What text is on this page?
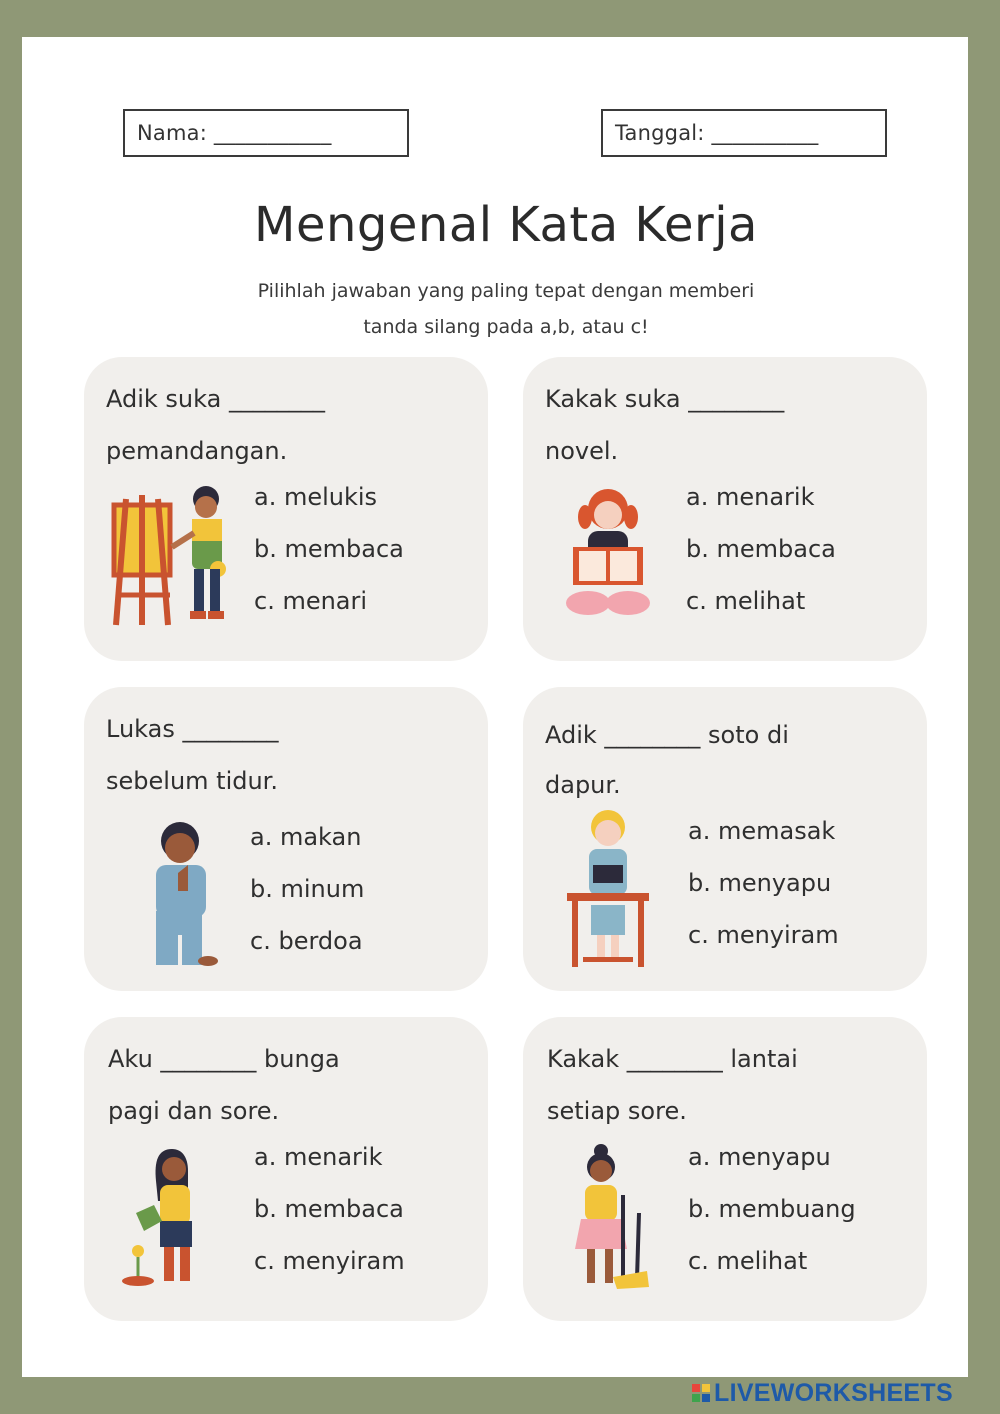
Nama: ___________	Tanggal: __________
Mengenal Kata Kerja
Pilihlah jawaban yang paling tepat dengan memberi
tanda silang pada a,b, atau c!
Adik suka ________
pemandangan.
a. melukis
b. membaca
c. menari
Kakak suka ________
novel.
a. menarik
b. membaca
c. melihat
Lukas ________
sebelum tidur.
a. makan
b. minum
c. berdoa
Adik ________ soto di
dapur.
a. memasak
b. menyapu
c. menyiram
Aku ________ bunga
pagi dan sore.
a. menarik
b. membaca
c. menyiram
Kakak ________ lantai
setiap sore.
a. menyapu
b. membuang
c. melihat
LIVEWORKSHEETS
